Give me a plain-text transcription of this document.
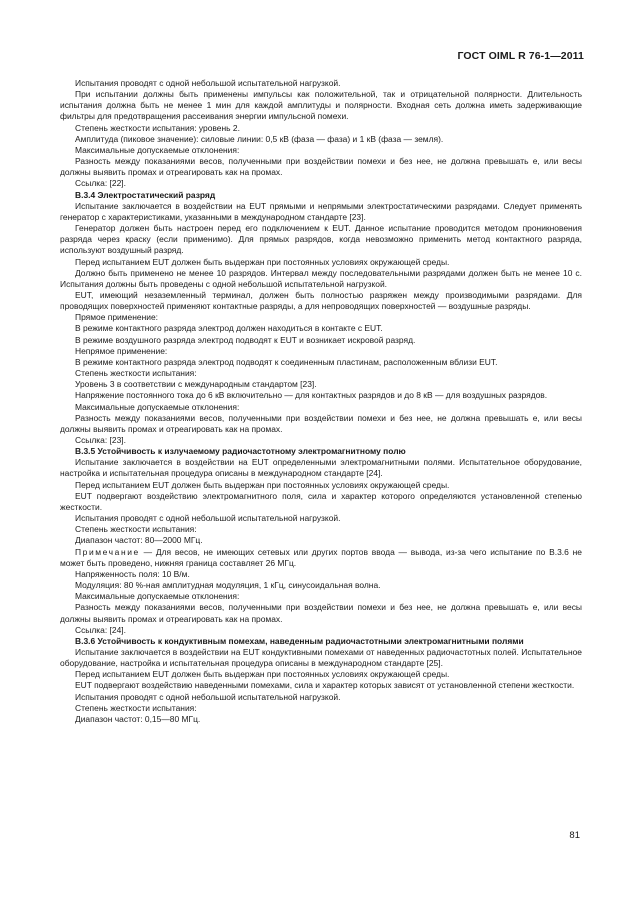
ГОСТ OIML R 76-1—2011

Испытания проводят с одной небольшой испытательной нагрузкой.

При испытании должны быть применены импульсы как положительной, так и отрицательной полярности. Длительность испытания должна быть не менее 1 мин для каждой амплитуды и полярности. Входная сеть должна иметь задерживающие фильтры для предотвращения рассеивания энергии импульсной помехи.

Степень жесткости испытания: уровень 2.

Амплитуда (пиковое значение): силовые линии: 0,5 кВ (фаза — фаза) и 1 кВ (фаза — земля).

Максимальные допускаемые отклонения:

Разность между показаниями весов, полученными при воздействии помехи и без нее, не должна превышать e, или весы должны выявить промах и отреагировать как на промах.

Ссылка: [22].

В.3.4 Электростатический разряд

Испытание заключается в воздействии на EUT прямыми и непрямыми электростатическими разрядами. Следует применять генератор с характеристиками, указанными в международном стандарте [23].

Генератор должен быть настроен перед его подключением к EUT. Данное испытание проводится методом проникновения разряда через краску (если применимо). Для прямых разрядов, когда невозможно применить метод контактного разряда, используют воздушный разряд.

Перед испытанием EUT должен быть выдержан при постоянных условиях окружающей среды.

Должно быть применено не менее 10 разрядов. Интервал между последовательными разрядами должен быть не менее 10 с. Испытания должны быть проведены с одной небольшой испытательной нагрузкой.

EUT, имеющий незаземленный терминал, должен быть полностью разряжен между производимыми разрядами. Для проводящих поверхностей применяют контактные разряды, а для непроводящих поверхностей — воздушные разряды.

Прямое применение:

В режиме контактного разряда электрод должен находиться в контакте с EUT.

В режиме воздушного разряда электрод подводят к EUT и возникает искровой разряд.

Непрямое применение:

В режиме контактного разряда электрод подводят к соединенным пластинам, расположенным вблизи EUT.

Степень жесткости испытания:

Уровень 3 в соответствии с международным стандартом [23].

Напряжение постоянного тока до 6 кВ включительно — для контактных разрядов и до 8 кВ — для воздушных разрядов.

Максимальные допускаемые отклонения:

Разность между показаниями весов, полученными при воздействии помехи и без нее, не должна превышать e, или весы должны выявить промах и отреагировать как на промах.

Ссылка: [23].

В.3.5 Устойчивость к излучаемому радиочастотному электромагнитному полю

Испытание заключается в воздействии на EUT определенными электромагнитными полями. Испытательное оборудование, настройка и испытательная процедура описаны в международном стандарте [24].

Перед испытанием EUT должен быть выдержан при постоянных условиях окружающей среды.

EUT подвергают воздействию электромагнитного поля, сила и характер которого определяются установленной степенью жесткости.

Испытания проводят с одной небольшой испытательной нагрузкой.

Степень жесткости испытания:

Диапазон частот: 80—2000 МГц.

Примечание — Для весов, не имеющих сетевых или других портов ввода — вывода, из-за чего испытание по В.3.6 не может быть проведено, нижняя граница составляет 26 МГц.

Напряженность поля: 10 В/м.

Модуляция: 80 %-ная амплитудная модуляция, 1 кГц, синусоидальная волна.

Максимальные допускаемые отклонения:

Разность между показаниями весов, полученными при воздействии помехи и без нее, не должна превышать e, или весы должны выявить промах и отреагировать как на промах.

Ссылка: [24].

В.3.6 Устойчивость к кондуктивным помехам, наведенным радиочастотными электромагнитными полями

Испытание заключается в воздействии на EUT кондуктивными помехами от наведенных радиочастотных полей. Испытательное оборудование, настройка и испытательная процедура описаны в международном стандарте [25].

Перед испытанием EUT должен быть выдержан при постоянных условиях окружающей среды.

EUT подвергают воздействию наведенными помехами, сила и характер которых зависят от установленной степени жесткости.

Испытания проводят с одной небольшой испытательной нагрузкой.

Степень жесткости испытания:

Диапазон частот: 0,15—80 МГц.

81
